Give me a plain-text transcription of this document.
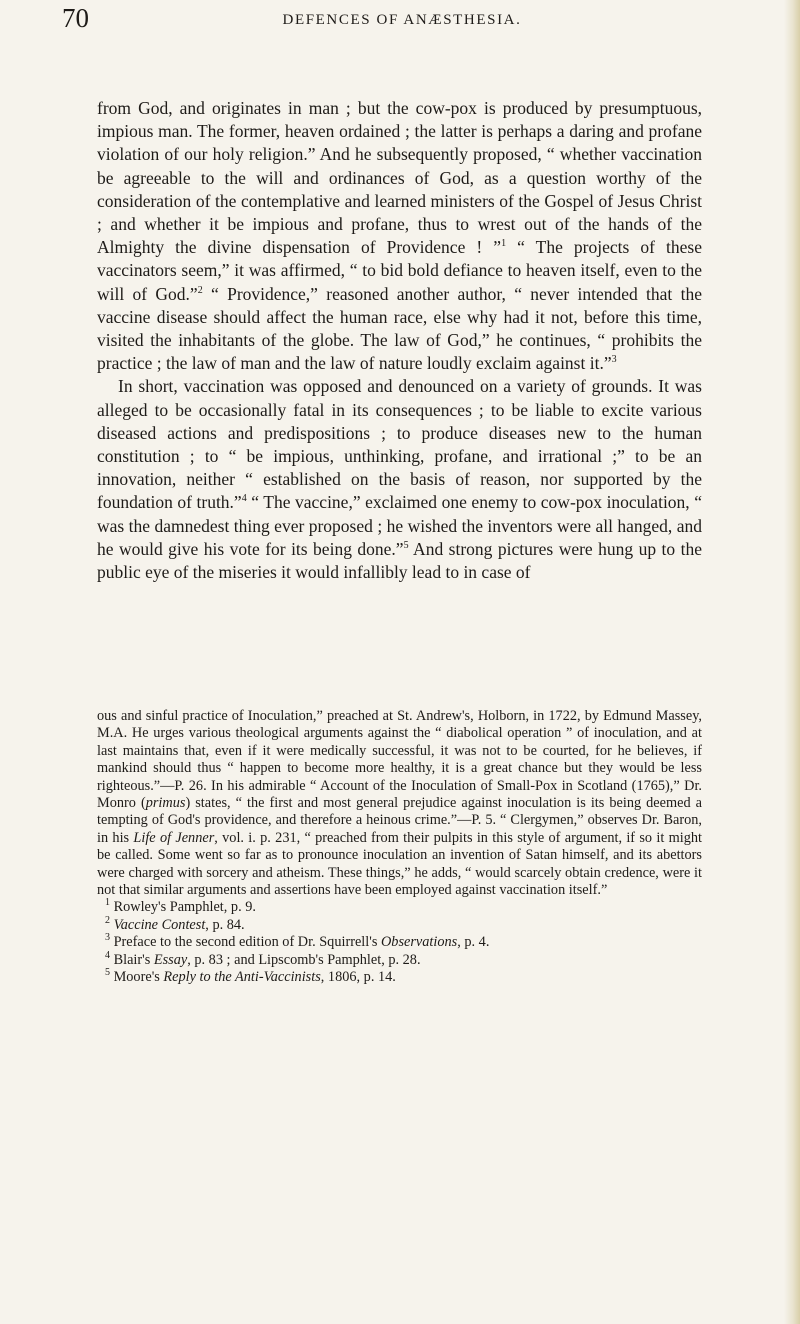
70	DEFENCES OF ANÆSTHESIA.

from God, and originates in man ; but the cow-pox is produced by presumptuous, impious man. The former, heaven ordained ; the latter is perhaps a daring and profane violation of our holy religion.” And he subsequently proposed, “ whether vaccination be agreeable to the will and ordinances of God, as a question worthy of the consideration of the contemplative and learned ministers of the Gospel of Jesus Christ ; and whether it be impious and profane, thus to wrest out of the hands of the Almighty the divine dispensation of Providence ! ”$^1$ “ The projects of these vaccinators seem,” it was affirmed, “ to bid bold defiance to heaven itself, even to the will of God.”$^2$ “ Providence,” reasoned another author, “ never intended that the vaccine disease should affect the human race, else why had it not, before this time, visited the inhabitants of the globe. The law of God,” he continues, “ prohibits the practice ; the law of man and the law of nature loudly exclaim against it.”$^3$

In short, vaccination was opposed and denounced on a variety of grounds. It was alleged to be occasionally fatal in its consequences ; to be liable to excite various diseased actions and predispositions ; to produce diseases new to the human constitution ; to “ be impious, unthinking, profane, and irrational ;” to be an innovation, neither “ established on the basis of reason, nor supported by the foundation of truth.”$^4$ “ The vaccine,” exclaimed one enemy to cow-pox inoculation, “ was the damnedest thing ever proposed ; he wished the inventors were all hanged, and he would give his vote for its being done.”$^5$ And strong pictures were hung up to the public eye of the miseries it would infallibly lead to in case of

ous and sinful practice of Inoculation,” preached at St. Andrew's, Holborn, in 1722, by Edmund Massey, M.A. He urges various theological arguments against the “ diabolical operation ” of inoculation, and at last maintains that, even if it were medically successful, it was not to be courted, for he believes, if mankind should thus “ happen to become more healthy, it is a great chance but they would be less righteous.”—P. 26. In his admirable “ Account of the Inoculation of Small-Pox in Scotland (1765),” Dr. Monro (primus) states, “ the first and most general prejudice against inoculation is its being deemed a tempting of God's providence, and therefore a heinous crime.”—P. 5. “ Clergymen,” observes Dr. Baron, in his Life of Jenner, vol. i. p. 231, “ preached from their pulpits in this style of argument, if so it might be called. Some went so far as to pronounce inoculation an invention of Satan himself, and its abettors were charged with sorcery and atheism. These things,” he adds, “ would scarcely obtain credence, were it not that similar arguments and assertions have been employed against vaccination itself.”

$^1$ Rowley's Pamphlet, p. 9.

$^2$ Vaccine Contest, p. 84.

$^3$ Preface to the second edition of Dr. Squirrell's Observations, p. 4.

$^4$ Blair's Essay, p. 83 ; and Lipscomb's Pamphlet, p. 28.

$^5$ Moore's Reply to the Anti-Vaccinists, 1806, p. 14.
